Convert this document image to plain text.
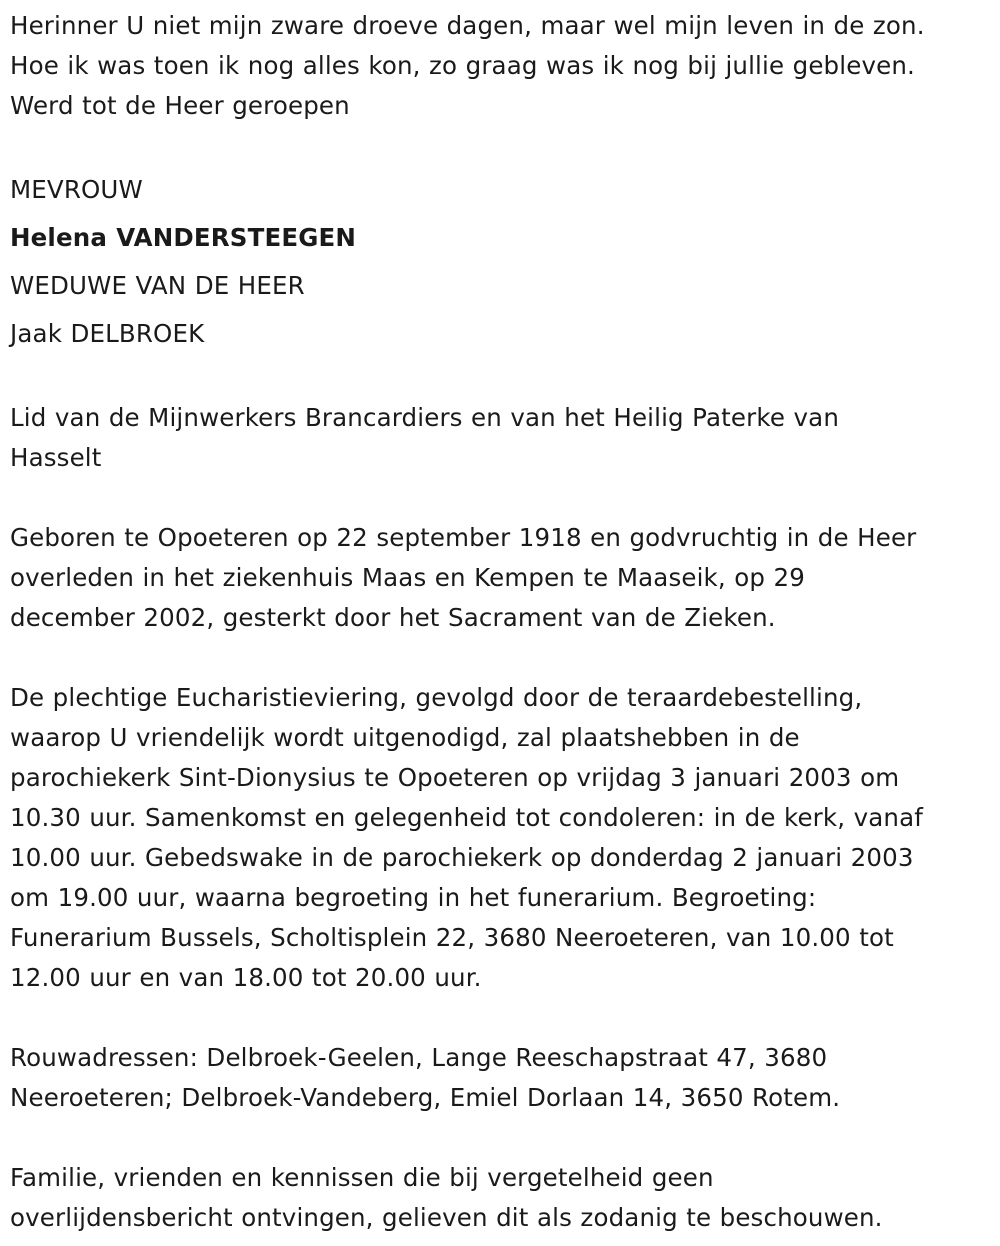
Herinner U niet mijn zware droeve dagen, maar wel mijn leven in de zon.
Hoe ik was toen ik nog alles kon, zo graag was ik nog bij jullie gebleven.
Werd tot de Heer geroepen
MEVROUW
Helena VANDERSTEEGEN
WEDUWE VAN DE HEER
Jaak DELBROEK
Lid van de Mijnwerkers Brancardiers en van het Heilig Paterke van
Hasselt
Geboren te Opoeteren op 22 september 1918 en godvruchtig in de Heer
overleden in het ziekenhuis Maas en Kempen te Maaseik, op 29
december 2002, gesterkt door het Sacrament van de Zieken.
De plechtige Eucharistieviering, gevolgd door de teraardebestelling,
waarop U vriendelijk wordt uitgenodigd, zal plaatshebben in de
parochiekerk Sint-Dionysius te Opoeteren op vrijdag 3 januari 2003 om
10.30 uur. Samenkomst en gelegenheid tot condoleren: in de kerk, vanaf
10.00 uur. Gebedswake in de parochiekerk op donderdag 2 januari 2003
om 19.00 uur, waarna begroeting in het funerarium. Begroeting:
Funerarium Bussels, Scholtisplein 22, 3680 Neeroeteren, van 10.00 tot
12.00 uur en van 18.00 tot 20.00 uur.
Rouwadressen: Delbroek-Geelen, Lange Reeschapstraat 47, 3680
Neeroeteren; Delbroek-Vandeberg, Emiel Dorlaan 14, 3650 Rotem.
Familie, vrienden en kennissen die bij vergetelheid geen
overlijdensbericht ontvingen, gelieven dit als zodanig te beschouwen.
